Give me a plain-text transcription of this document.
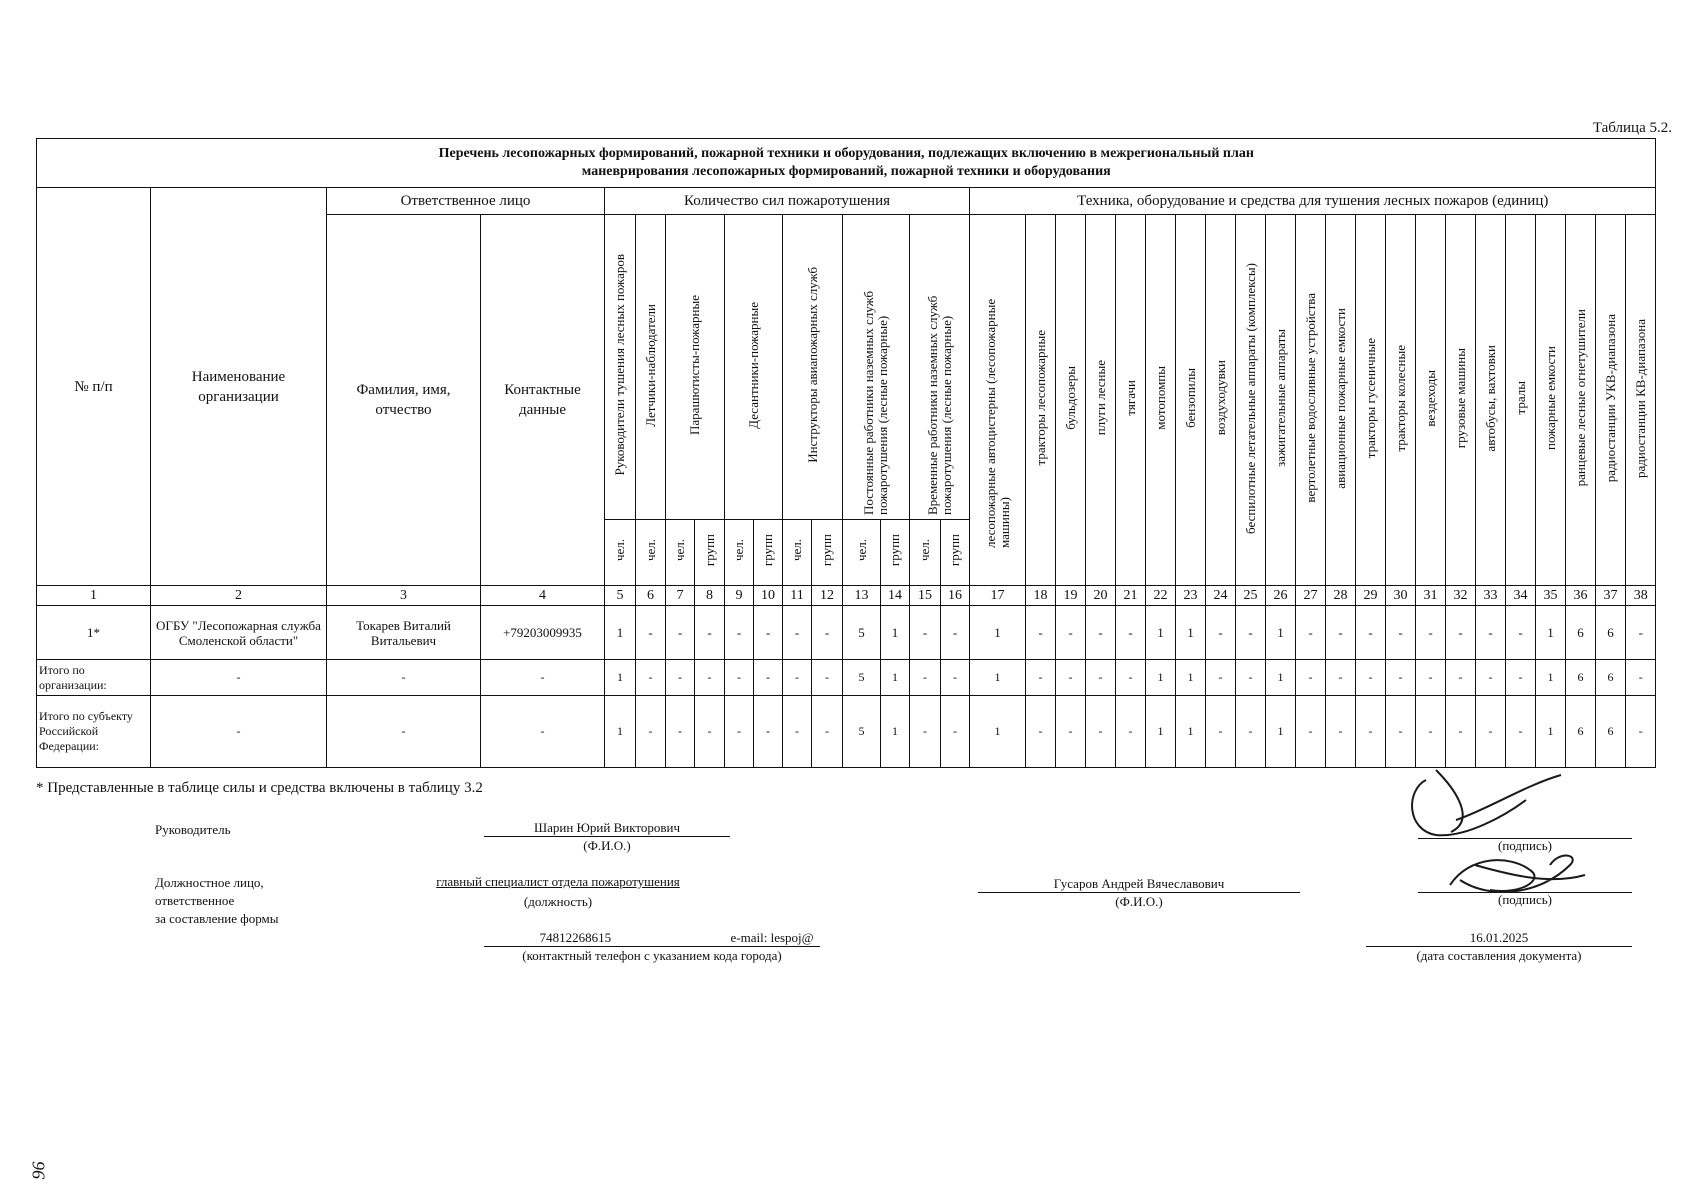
Таблица 5.2.
Перечень лесопожарных формирований, пожарной техники и оборудования, подлежащих включению в межрегиональный план
маневрирования лесопожарных формирований, пожарной техники и оборудования																																					

№ п/п	Наименование организации	Ответственное лицо		Количество сил пожаротушения												Техника, оборудование и средства для тушения лесных пожаров (единиц)																					
		Фамилия, имя, отчество	Контактные данные	Руководители тушения лесных пожаров	Летчики-наблюдатели	Парашютисты-пожарные		Десантники-пожарные		Инструкторы авиапожарных служб		Постоянные работники наземных служб пожаротушения (лесные пожарные)		Временные работники наземных служб пожаротушения (лесные пожарные)		лесопожарные автоцистерны (лесопожарные машины)	тракторы лесопожарные	бульдозеры	плуги лесные	тягачи	мотопомпы	бензопилы	воздуходувки	беспилотные летательные аппараты (комплексы)	зажигательные аппараты	вертолетные водосливные устройства	авиационные пожарные емкости	тракторы гусеничные	тракторы колесные	вездеходы	грузовые машины	автобусы, вахтовки	тралы	пожарные емкости	ранцевые лесные огнетушители	радиостанции УКВ-диапазона	радиостанции КВ-диапазона
				чел.	чел.	чел.	групп	чел.	групп	чел.	групп	чел.	групп	чел.	групп																						
1	2	3	4	5	6	7	8	9	10	11	12	13	14	15	16	17	18	19	20	21	22	23	24	25	26	27	28	29	30	31	32	33	34	35	36	37	38
1*	ОГБУ "Лесопожарная служба Смоленской области"	Токарев Виталий Витальевич	+79203009935	1	-	-	-	-	-	-	-	5	1	-	-	1	-	-	-	-	1	1	-	-	1	-	-	-	-	-	-	-	-	1	6	6	-
Итого по организации:	-	-	-	1	-	-	-	-	-	-	-	5	1	-	-	1	-	-	-	-	1	1	-	-	1	-	-	-	-	-	-	-	-	1	6	6	-
Итого по субъекту Российской Федерации:	-	-	-	1	-	-	-	-	-	-	-	5	1	-	-	1	-	-	-	-	1	1	-	-	1	-	-	-	-	-	-	-	-	1	6	6	-
* Представленные в таблице силы и средства включены в таблицу 3.2
Руководитель	Шарин Юрий Викторович
(Ф.И.О.)	(подпись)
Должностное лицо,
ответственное
за составление формы
главный специалист отдела пожаротушения
(должность)
Гусаров Андрей Вячеславович
(Ф.И.О.)	(подпись)
74812268615	e-mail: lespoj@
(контактный телефон с указанием кода города)
16.01.2025
(дата составления документа)
96
